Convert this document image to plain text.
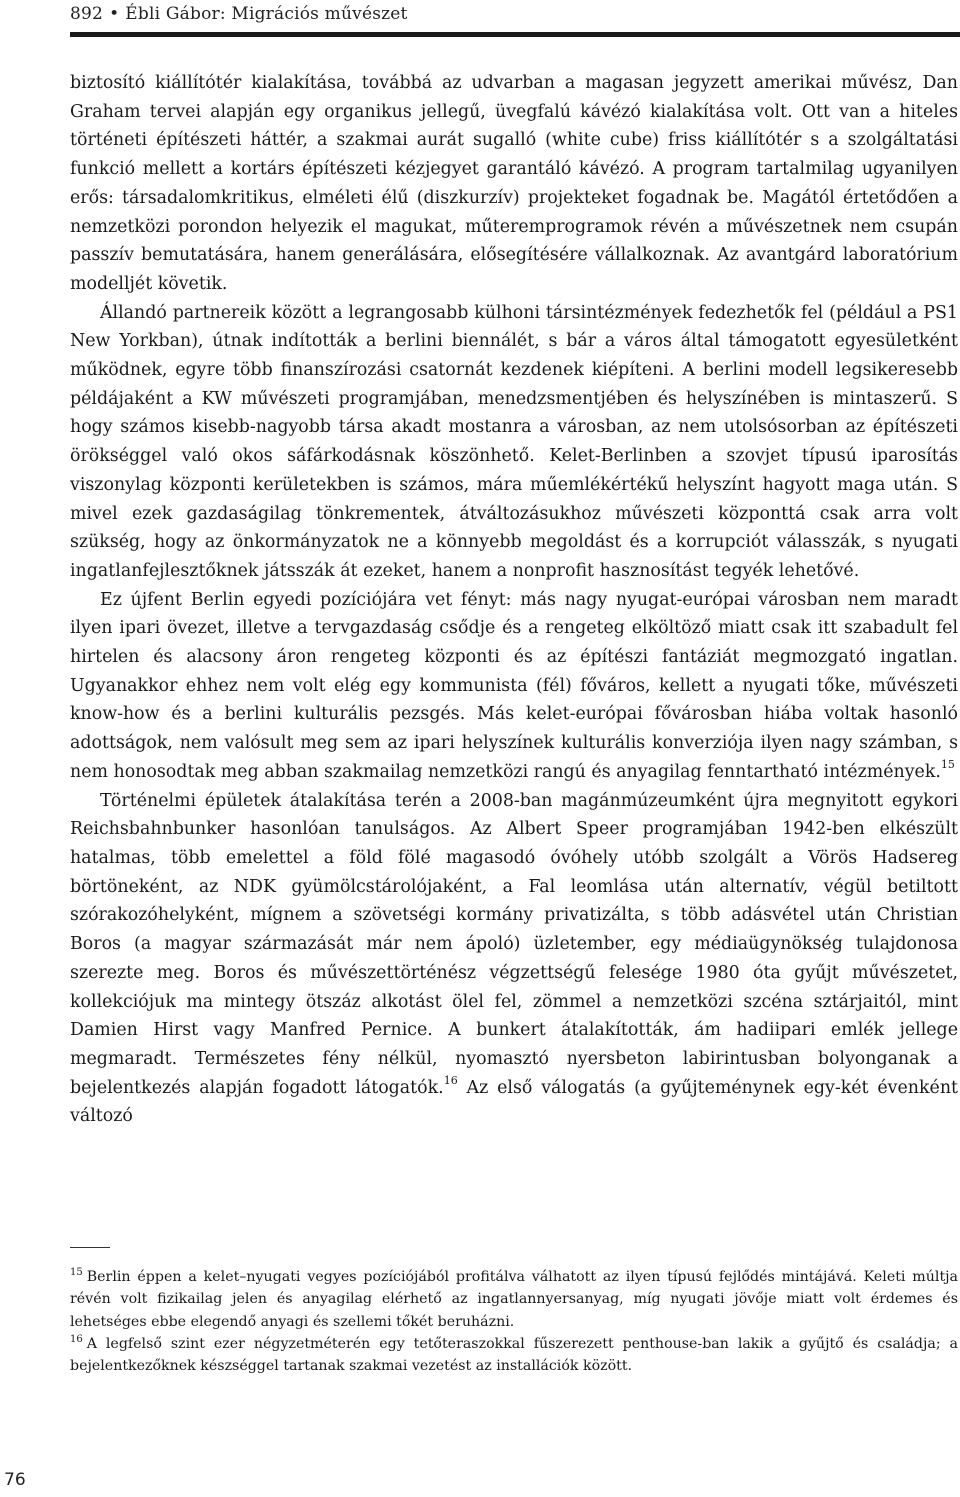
892 • Ébli Gábor: Migrációs művészet

biztosító kiállítótér kialakítása, továbbá az udvarban a magasan jegyzett amerikai művész, Dan Graham tervei alapján egy organikus jellegű, üvegfalú kávézó kialakítása volt. Ott van a hiteles történeti építészeti háttér, a szakmai aurát sugalló (white cube) friss kiállítótér s a szolgáltatási funkció mellett a kortárs építészeti kézjegyet garantáló kávézó. A program tartalmilag ugyanilyen erős: társadalomkritikus, elméleti élű (diszkurzív) projekteket fogadnak be. Magától értetődően a nemzetközi porondon helyezik el magukat, műteremprogramok révén a művészetnek nem csupán passzív bemutatására, hanem generálására, elősegítésére vállalkoznak. Az avantgárd laboratórium modelljét követik.

Állandó partnereik között a legrangosabb külhoni társintézmények fedezhetők fel (például a PS1 New Yorkban), útnak indították a berlini biennálét, s bár a város által támogatott egyesületként működnek, egyre több finanszírozási csatornát kezdenek kiépíteni. A berlini modell legsikeresebb példájaként a KW művészeti programjában, menedzsmentjében és helyszínében is mintaszerű. S hogy számos kisebb-nagyobb társa akadt mostanra a városban, az nem utolsósorban az építészeti örökséggel való okos sáfárkodásnak köszönhető. Kelet-Berlinben a szovjet típusú iparosítás viszonylag központi kerületekben is számos, mára műemlékértékű helyszínt hagyott maga után. S mivel ezek gazdaságilag tönkrementek, átváltozásukhoz művészeti központtá csak arra volt szükség, hogy az önkormányzatok ne a könnyebb megoldást és a korrupciót válasszák, s nyugati ingatlanfejlesztőknek játsszák át ezeket, hanem a nonprofit hasznosítást tegyék lehetővé.

Ez újfent Berlin egyedi pozíciójára vet fényt: más nagy nyugat-európai városban nem maradt ilyen ipari övezet, illetve a tervgazdaság csődje és a rengeteg elköltöző miatt csak itt szabadult fel hirtelen és alacsony áron rengeteg központi és az építészi fantáziát megmozgató ingatlan. Ugyanakkor ehhez nem volt elég egy kommunista (fél) főváros, kellett a nyugati tőke, művészeti know-how és a berlini kulturális pezsgés. Más kelet-európai fővárosban hiába voltak hasonló adottságok, nem valósult meg sem az ipari helyszínek kulturális konverziója ilyen nagy számban, s nem honosodtak meg abban szakmailag nemzetközi rangú és anyagilag fenntartható intézmények.$^{15}$

Történelmi épületek átalakítása terén a 2008-ban magánmúzeumként újra megnyitott egykori Reichsbahnbunker hasonlóan tanulságos. Az Albert Speer programjában 1942-ben elkészült hatalmas, több emelettel a föld fölé magasodó óvóhely utóbb szolgált a Vörös Hadsereg börtöneként, az NDK gyümölcstárolójaként, a Fal leomlása után alternatív, végül betiltott szórakozóhelyként, mígnem a szövetségi kormány privatizálta, s több adásvétel után Christian Boros (a magyar származását már nem ápoló) üzletember, egy médiaügynökség tulajdonosa szerezte meg. Boros és művészettörténész végzettségű felesége 1980 óta gyűjt művészetet, kollekciójuk ma mintegy ötszáz alkotást ölel fel, zömmel a nemzetközi szcéna sztárjaitól, mint Damien Hirst vagy Manfred Pernice. A bunkert átalakították, ám hadiipari emlék jellege megmaradt. Természetes fény nélkül, nyomasztó nyersbeton labirintusban bolyonganak a bejelentkezés alapján fogadott látogatók.$^{16}$ Az első válogatás (a gyűjteménynek egy-két évenként változó

$^{15}$ Berlin éppen a kelet–nyugati vegyes pozíciójából profitálva válhatott az ilyen típusú fejlődés mintájává. Keleti múltja révén volt fizikailag jelen és anyagilag elérhető az ingatlannyersanyag, míg nyugati jövője miatt volt érdemes és lehetséges ebbe elegendő anyagi és szellemi tőkét beruházni.

$^{16}$ A legfelső szint ezer négyzetméterén egy tetőteraszokkal fűszerezett penthouse-ban lakik a gyűjtő és családja; a bejelentkezőknek készséggel tartanak szakmai vezetést az installációk között.

76
